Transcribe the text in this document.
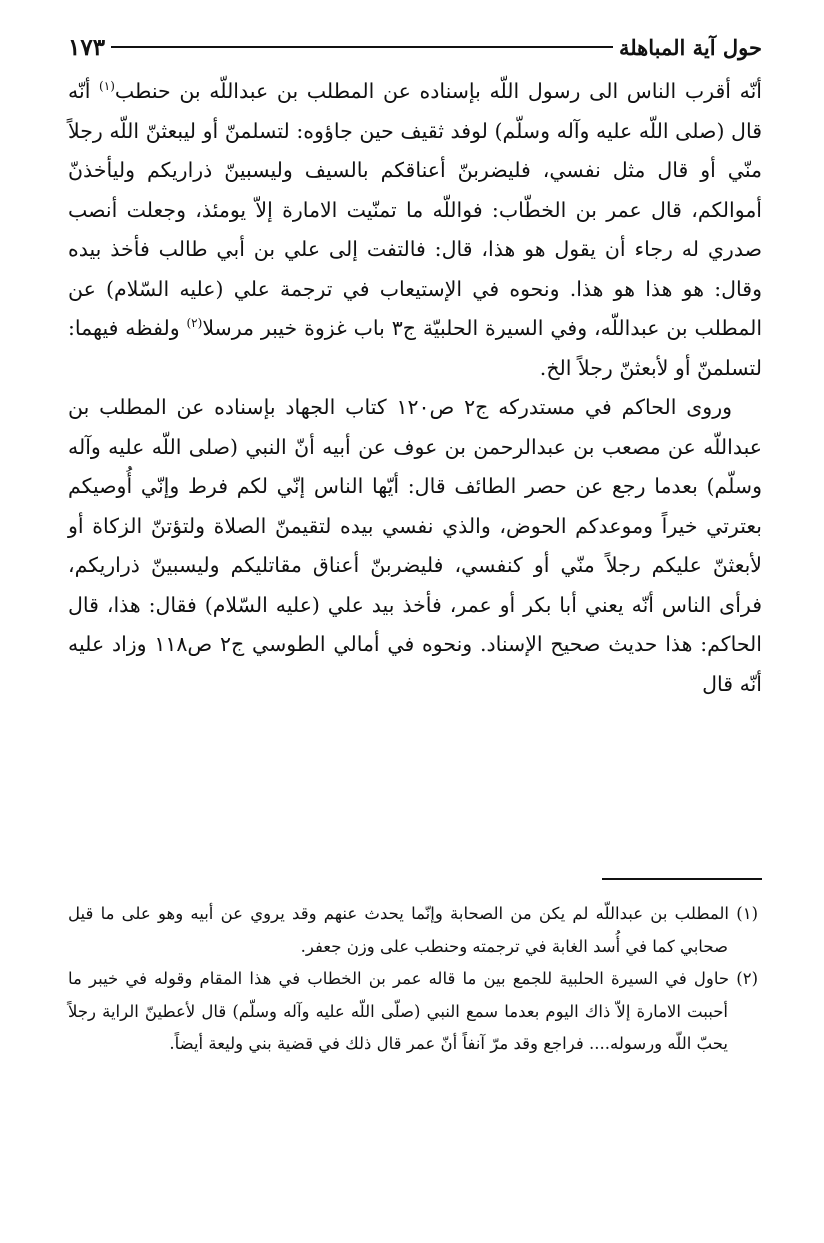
حول آية المباهلة
١٧٣

أنّه أقرب الناس الى رسول اللّه بإسناده عن المطلب بن عبداللّه بن حنطب$^{(١)}$ أنّه قال (صلى اللّه عليه وآله وسلّم) لوفد ثقيف حين جاؤوه: لتسلمنّ أو ليبعثنّ اللّه رجلاً منّي أو قال مثل نفسي، فليضربنّ أعناقكم بالسيف وليسبينّ ذراريكم وليأخذنّ أموالكم، قال عمر بن الخطّاب: فواللّه ما تمنّيت الامارة إلاّ يومئذ، وجعلت أنصب صدري له رجاء أن يقول هو هذا، قال: فالتفت إلى علي بن أبي طالب فأخذ بيده وقال: هو هذا هو هذا. ونحوه في الإستيعاب في ترجمة علي (عليه السّلام) عن المطلب بن عبداللّه، وفي السيرة الحلبيّة ج٣ باب غزوة خيبر مرسلا$^{(٢)}$ ولفظه فيهما: لتسلمنّ أو لأبعثنّ رجلاً الخ.

وروى الحاكم في مستدركه ج٢ ص١٢٠ كتاب الجهاد بإسناده عن المطلب بن عبداللّه عن مصعب بن عبدالرحمن بن عوف عن أبيه أنّ النبي (صلى اللّه عليه وآله وسلّم) بعدما رجع عن حصر الطائف قال: أيّها الناس إنّي لكم فرط وإنّي أُوصيكم بعترتي خيراً وموعدكم الحوض، والذي نفسي بيده لتقيمنّ الصلاة ولتؤتنّ الزكاة أو لأبعثنّ عليكم رجلاً منّي أو كنفسي، فليضربنّ أعناق مقاتليكم وليسبينّ ذراريكم، فرأى الناس أنّه يعني أبا بكر أو عمر، فأخذ بيد علي (عليه السّلام) فقال: هذا، قال الحاكم: هذا حديث صحيح الإسناد. ونحوه في أمالي الطوسي ج٢ ص١١٨ وزاد عليه أنّه قال

(١) المطلب بن عبداللّه لم يكن من الصحابة وإنّما يحدث عنهم وقد يروي عن أبيه وهو على ما قيل صحابي كما في أُسد الغابة في ترجمته وحنطب على وزن جعفر.

(٢) حاول في السيرة الحلبية للجمع بين ما قاله عمر بن الخطاب في هذا المقام وقوله في خيبر ما أحببت الامارة إلاّ ذاك اليوم بعدما سمع النبي (صلّى اللّه عليه وآله وسلّم) قال لأعطينّ الراية رجلاً يحبّ اللّه ورسوله.... فراجع وقد مرّ آنفاً أنّ عمر قال ذلك في قضية بني وليعة أيضاً.
